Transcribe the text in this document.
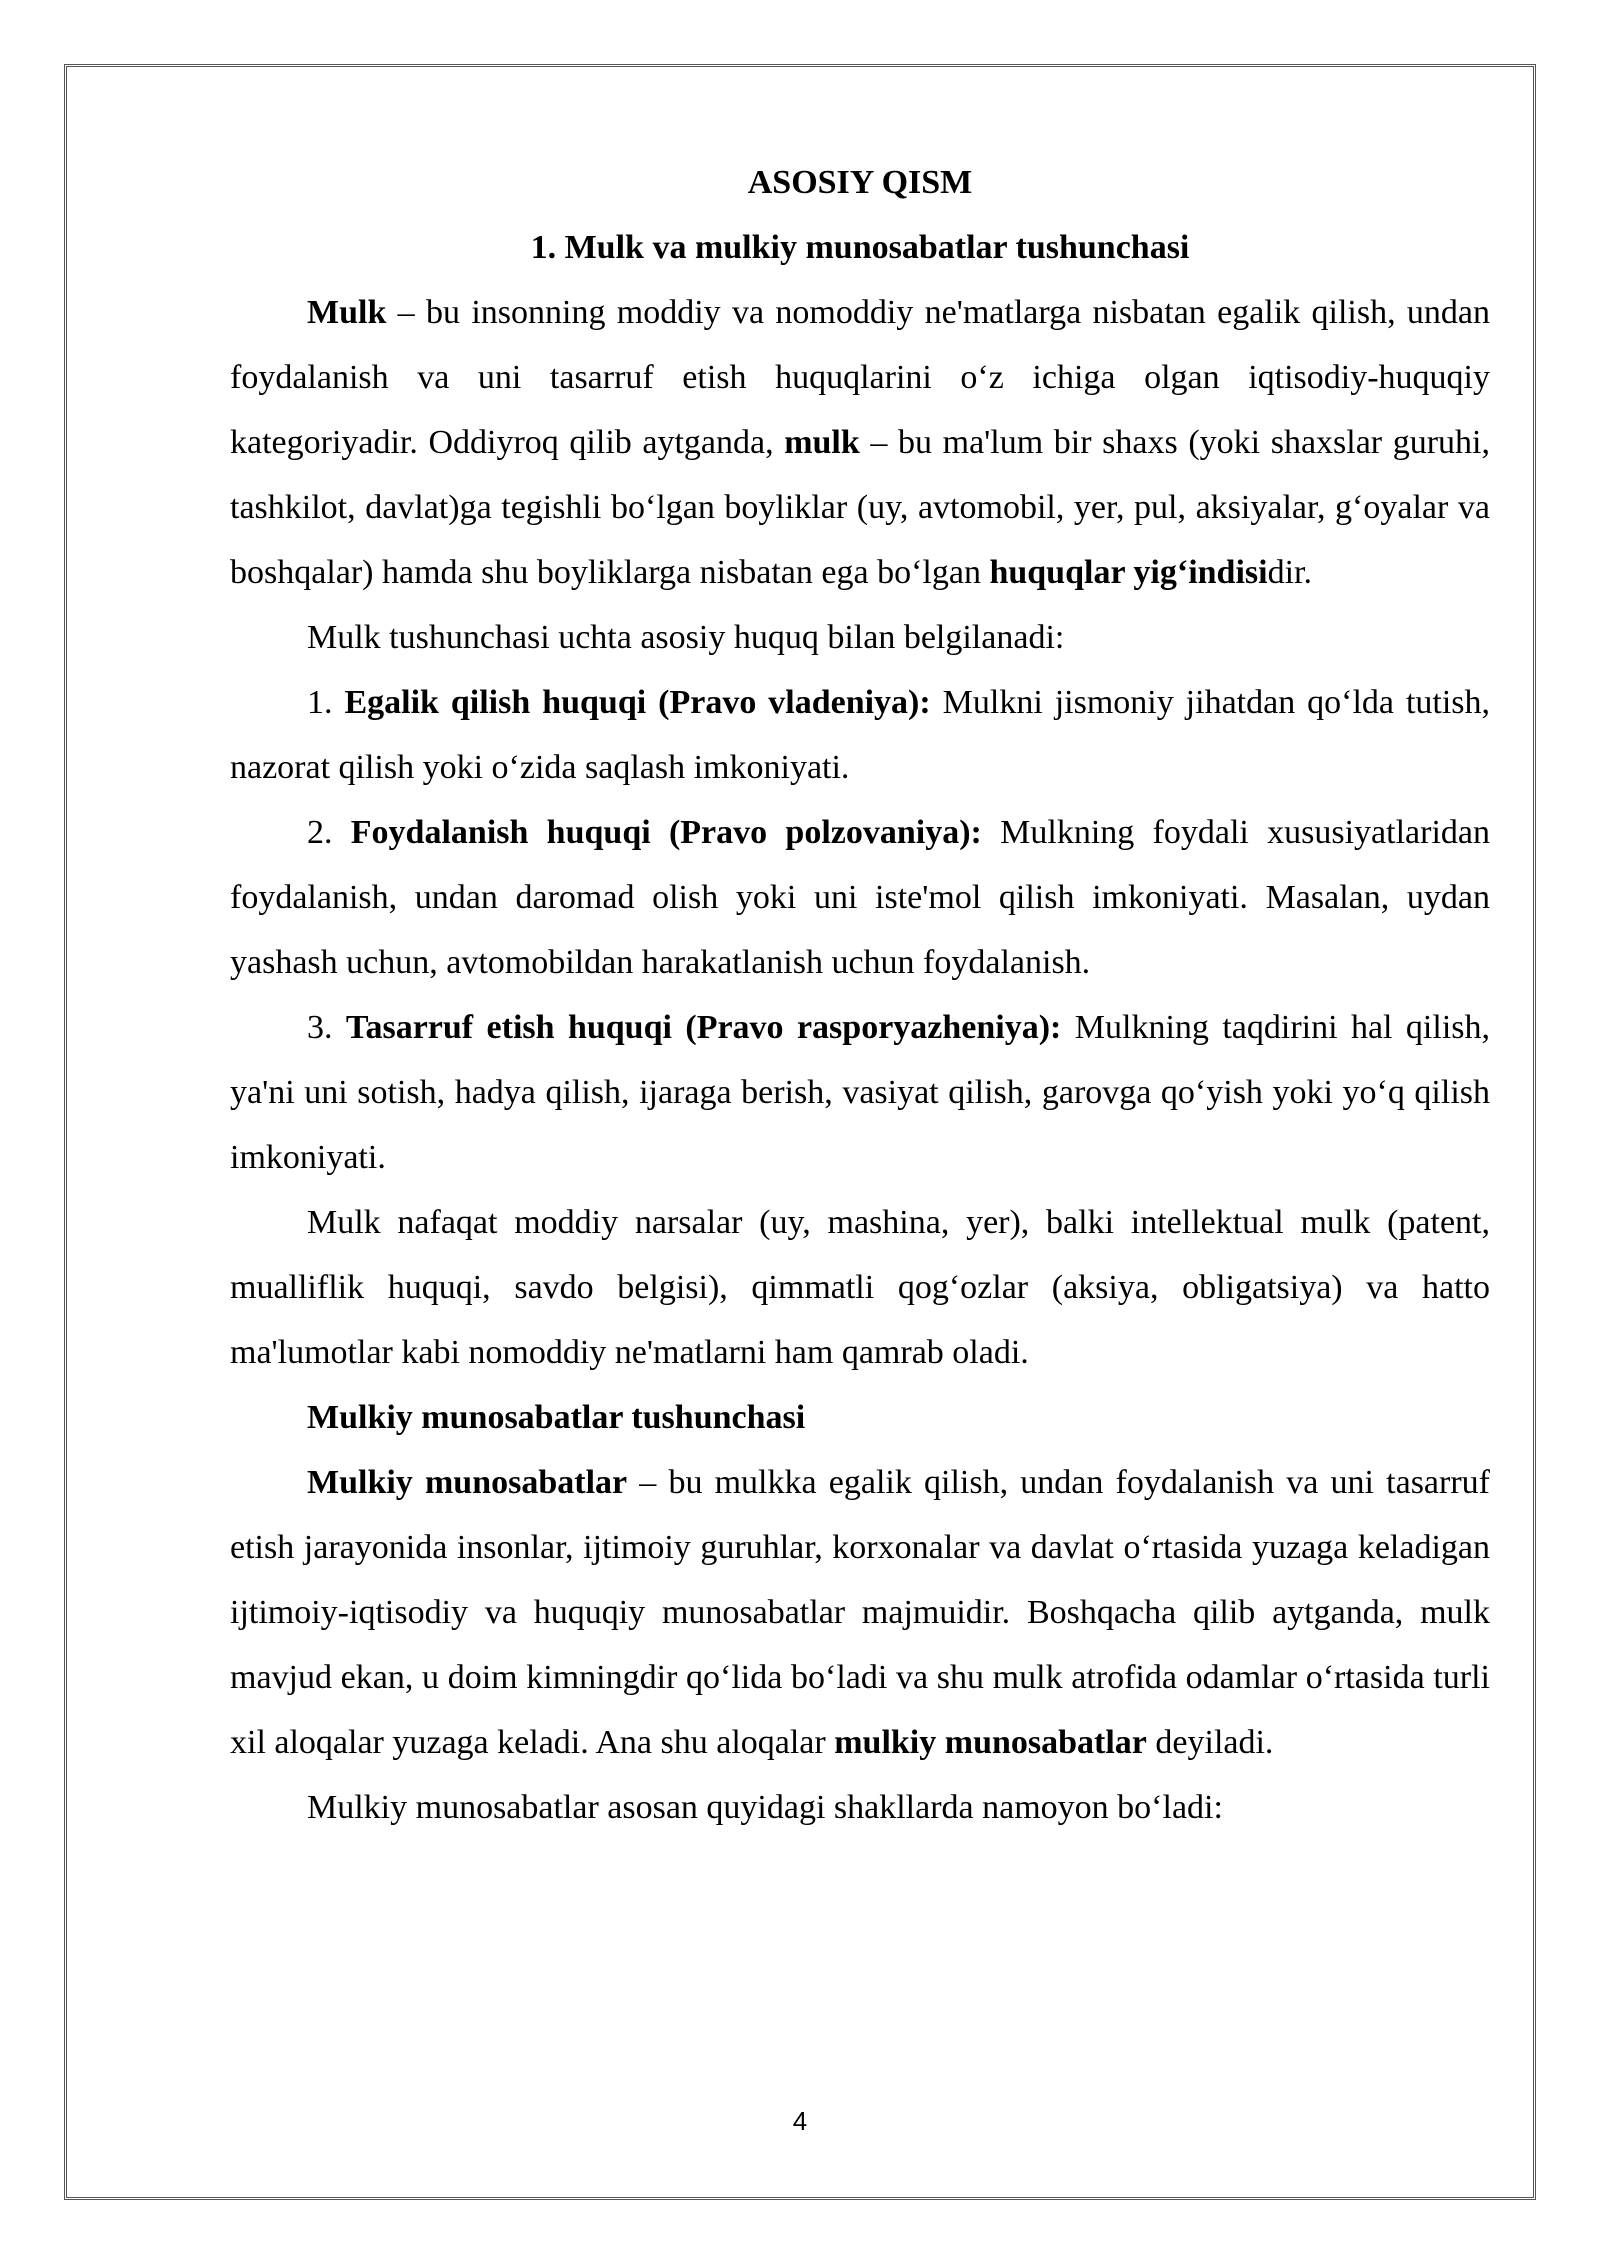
ASOSIY QISM
1. Mulk va mulkiy munosabatlar tushunchasi

Mulk – bu insonning moddiy va nomoddiy ne'matlarga nisbatan egalik qilish, undan foydalanish va uni tasarruf etish huquqlarini o‘z ichiga olgan iqtisodiy-huquqiy kategoriyadir. Oddiyroq qilib aytganda, mulk – bu ma'lum bir shaxs (yoki shaxslar guruhi, tashkilot, davlat)ga tegishli bo‘lgan boyliklar (uy, avtomobil, yer, pul, aksiyalar, g‘oyalar va boshqalar) hamda shu boyliklarga nisbatan ega bo‘lgan huquqlar yig‘indisidir.

Mulk tushunchasi uchta asosiy huquq bilan belgilanadi:

1. Egalik qilish huquqi (Pravo vladeniya): Mulkni jismoniy jihatdan qo‘lda tutish, nazorat qilish yoki o‘zida saqlash imkoniyati.

2. Foydalanish huquqi (Pravo polzovaniya): Mulkning foydali xususiyatlaridan foydalanish, undan daromad olish yoki uni iste'mol qilish imkoniyati. Masalan, uydan yashash uchun, avtomobildan harakatlanish uchun foydalanish.

3. Tasarruf etish huquqi (Pravo rasporyazheniya): Mulkning taqdirini hal qilish, ya'ni uni sotish, hadya qilish, ijaraga berish, vasiyat qilish, garovga qo‘yish yoki yo‘q qilish imkoniyati.

Mulk nafaqat moddiy narsalar (uy, mashina, yer), balki intellektual mulk (patent, mualliflik huquqi, savdo belgisi), qimmatli qog‘ozlar (aksiya, obligatsiya) va hatto ma'lumotlar kabi nomoddiy ne'matlarni ham qamrab oladi.

Mulkiy munosabatlar tushunchasi

Mulkiy munosabatlar – bu mulkka egalik qilish, undan foydalanish va uni tasarruf etish jarayonida insonlar, ijtimoiy guruhlar, korxonalar va davlat o‘rtasida yuzaga keladigan ijtimoiy-iqtisodiy va huquqiy munosabatlar majmuidir. Boshqacha qilib aytganda, mulk mavjud ekan, u doim kimningdir qo‘lida bo‘ladi va shu mulk atrofida odamlar o‘rtasida turli xil aloqalar yuzaga keladi. Ana shu aloqalar mulkiy munosabatlar deyiladi.

Mulkiy munosabatlar asosan quyidagi shakllarda namoyon bo‘ladi:

4
